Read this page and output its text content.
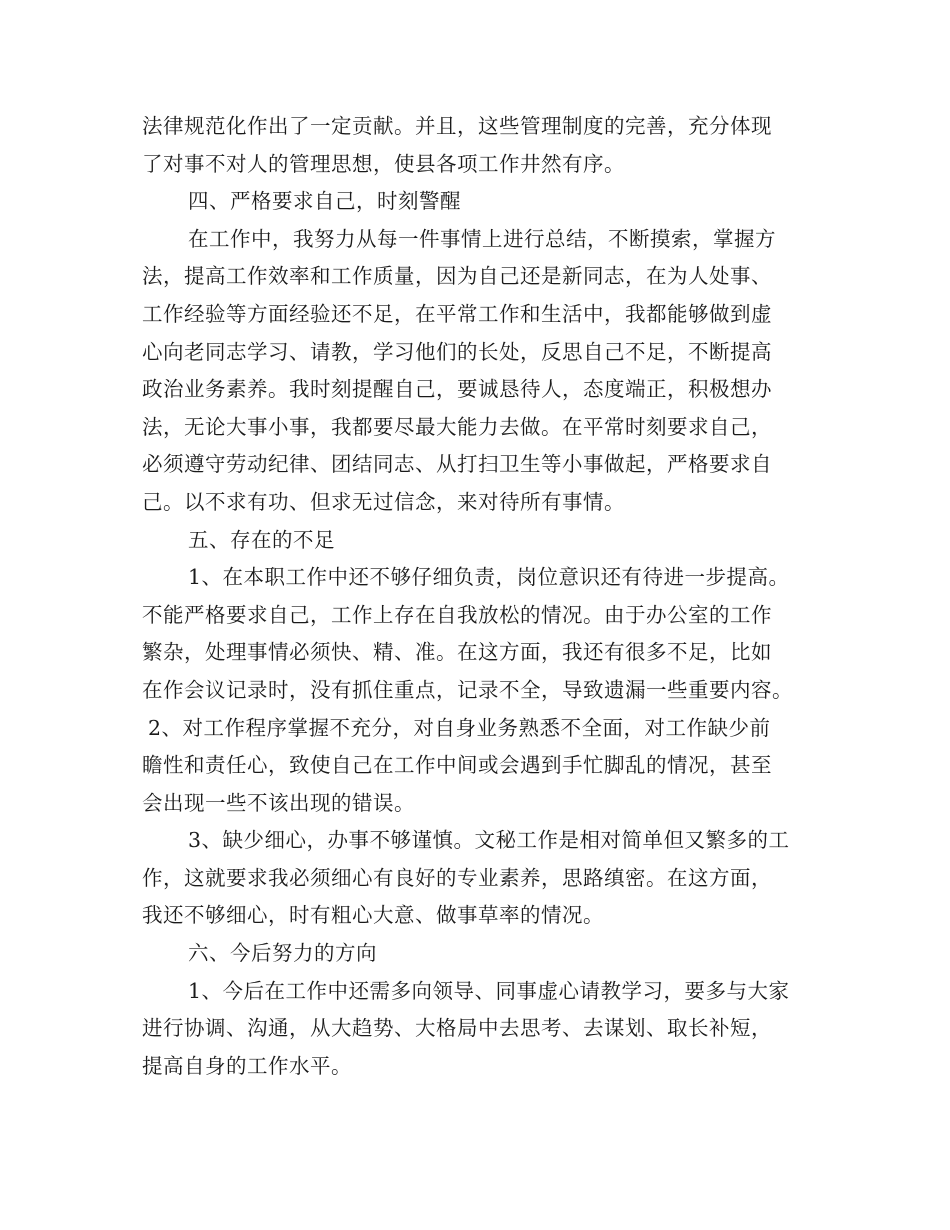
法律规范化作出了一定贡献。并且，这些管理制度的完善，充分体现
了对事不对人的管理思想，使县各项工作井然有序。
四、严格要求自己，时刻警醒
在工作中，我努力从每一件事情上进行总结，不断摸索，掌握方
法，提高工作效率和工作质量，因为自己还是新同志，在为人处事、
工作经验等方面经验还不足，在平常工作和生活中，我都能够做到虚
心向老同志学习、请教，学习他们的长处，反思自己不足，不断提高
政治业务素养。我时刻提醒自己，要诚恳待人，态度端正，积极想办
法，无论大事小事，我都要尽最大能力去做。在平常时刻要求自己，
必须遵守劳动纪律、团结同志、从打扫卫生等小事做起，严格要求自
己。以不求有功、但求无过信念，来对待所有事情。
五、存在的不足
1、在本职工作中还不够仔细负责，岗位意识还有待进一步提高。
不能严格要求自己，工作上存在自我放松的情况。由于办公室的工作
繁杂，处理事情必须快、精、准。在这方面，我还有很多不足，比如
在作会议记录时，没有抓住重点，记录不全，导致遗漏一些重要内容。
2、对工作程序掌握不充分，对自身业务熟悉不全面，对工作缺少前
瞻性和责任心，致使自己在工作中间或会遇到手忙脚乱的情况，甚至
会出现一些不该出现的错误。
3、缺少细心，办事不够谨慎。文秘工作是相对简单但又繁多的工
作，这就要求我必须细心有良好的专业素养，思路缜密。在这方面，
我还不够细心，时有粗心大意、做事草率的情况。
六、今后努力的方向
1、今后在工作中还需多向领导、同事虚心请教学习，要多与大家
进行协调、沟通，从大趋势、大格局中去思考、去谋划、取长补短，
提高自身的工作水平。
